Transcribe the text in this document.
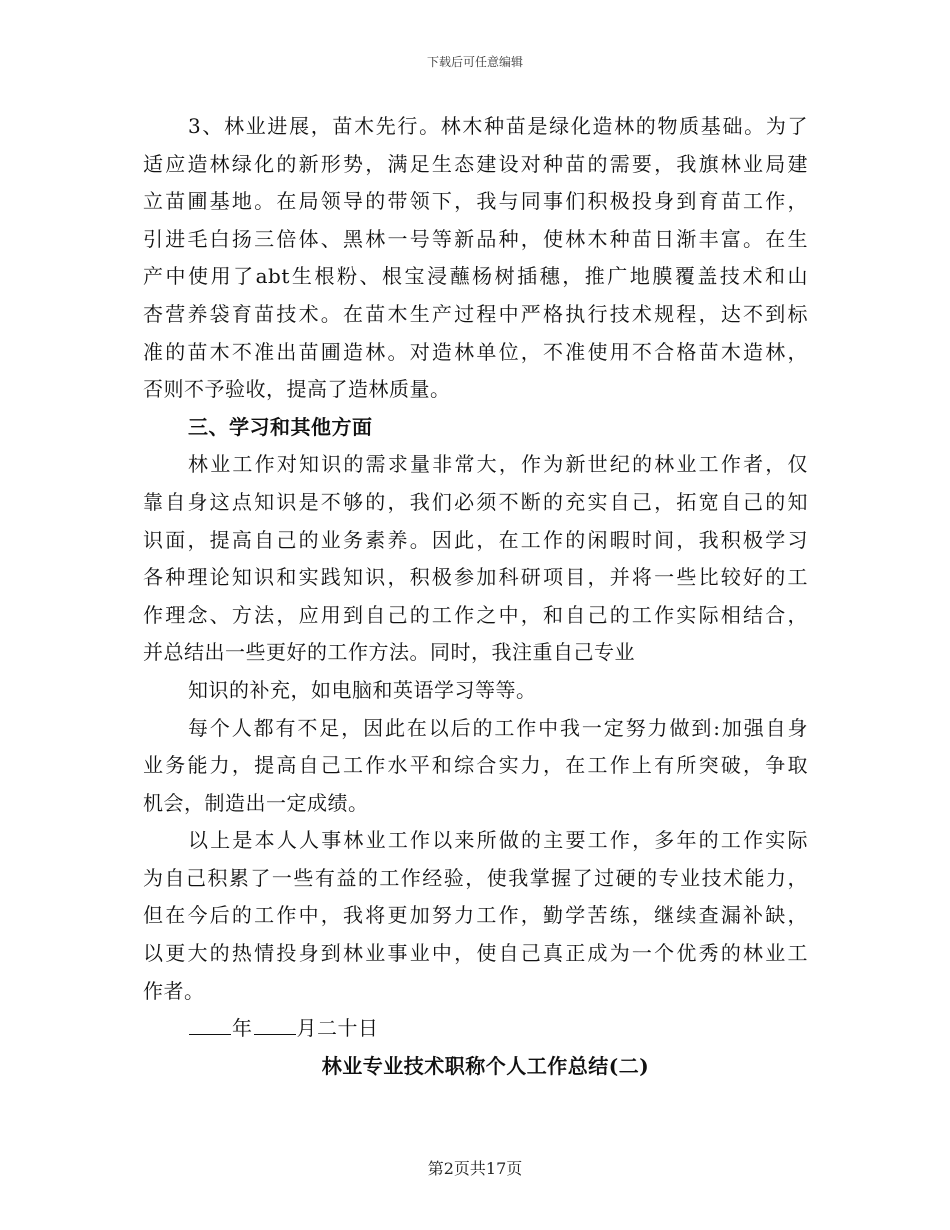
下载后可任意编辑
3、林业进展，苗木先行。林木种苗是绿化造林的物质基础。为了
适应造林绿化的新形势，满足生态建设对种苗的需要，我旗林业局建
立苗圃基地。在局领导的带领下，我与同事们积极投身到育苗工作，
引进毛白扬三倍体、黑林一号等新品种，使林木种苗日渐丰富。在生
产中使用了abt生根粉、根宝浸蘸杨树插穗，推广地膜覆盖技术和山
杏营养袋育苗技术。在苗木生产过程中严格执行技术规程，达不到标
准的苗木不准出苗圃造林。对造林单位，不准使用不合格苗木造林，
否则不予验收，提高了造林质量。
三、学习和其他方面
林业工作对知识的需求量非常大，作为新世纪的林业工作者，仅
靠自身这点知识是不够的，我们必须不断的充实自己，拓宽自己的知
识面，提高自己的业务素养。因此，在工作的闲暇时间，我积极学习
各种理论知识和实践知识，积极参加科研项目，并将一些比较好的工
作理念、方法，应用到自己的工作之中，和自己的工作实际相结合，
并总结出一些更好的工作方法。同时，我注重自己专业
知识的补充，如电脑和英语学习等等。
每个人都有不足，因此在以后的工作中我一定努力做到:加强自身
业务能力，提高自己工作水平和综合实力，在工作上有所突破，争取
机会，制造出一定成绩。
以上是本人人事林业工作以来所做的主要工作，多年的工作实际
为自己积累了一些有益的工作经验，使我掌握了过硬的专业技术能力，
但在今后的工作中，我将更加努力工作，勤学苦练，继续查漏补缺，
以更大的热情投身到林业事业中，使自己真正成为一个优秀的林业工
作者。
年 月二十日
林业专业技术职称个人工作总结(二)
第2页共17页
